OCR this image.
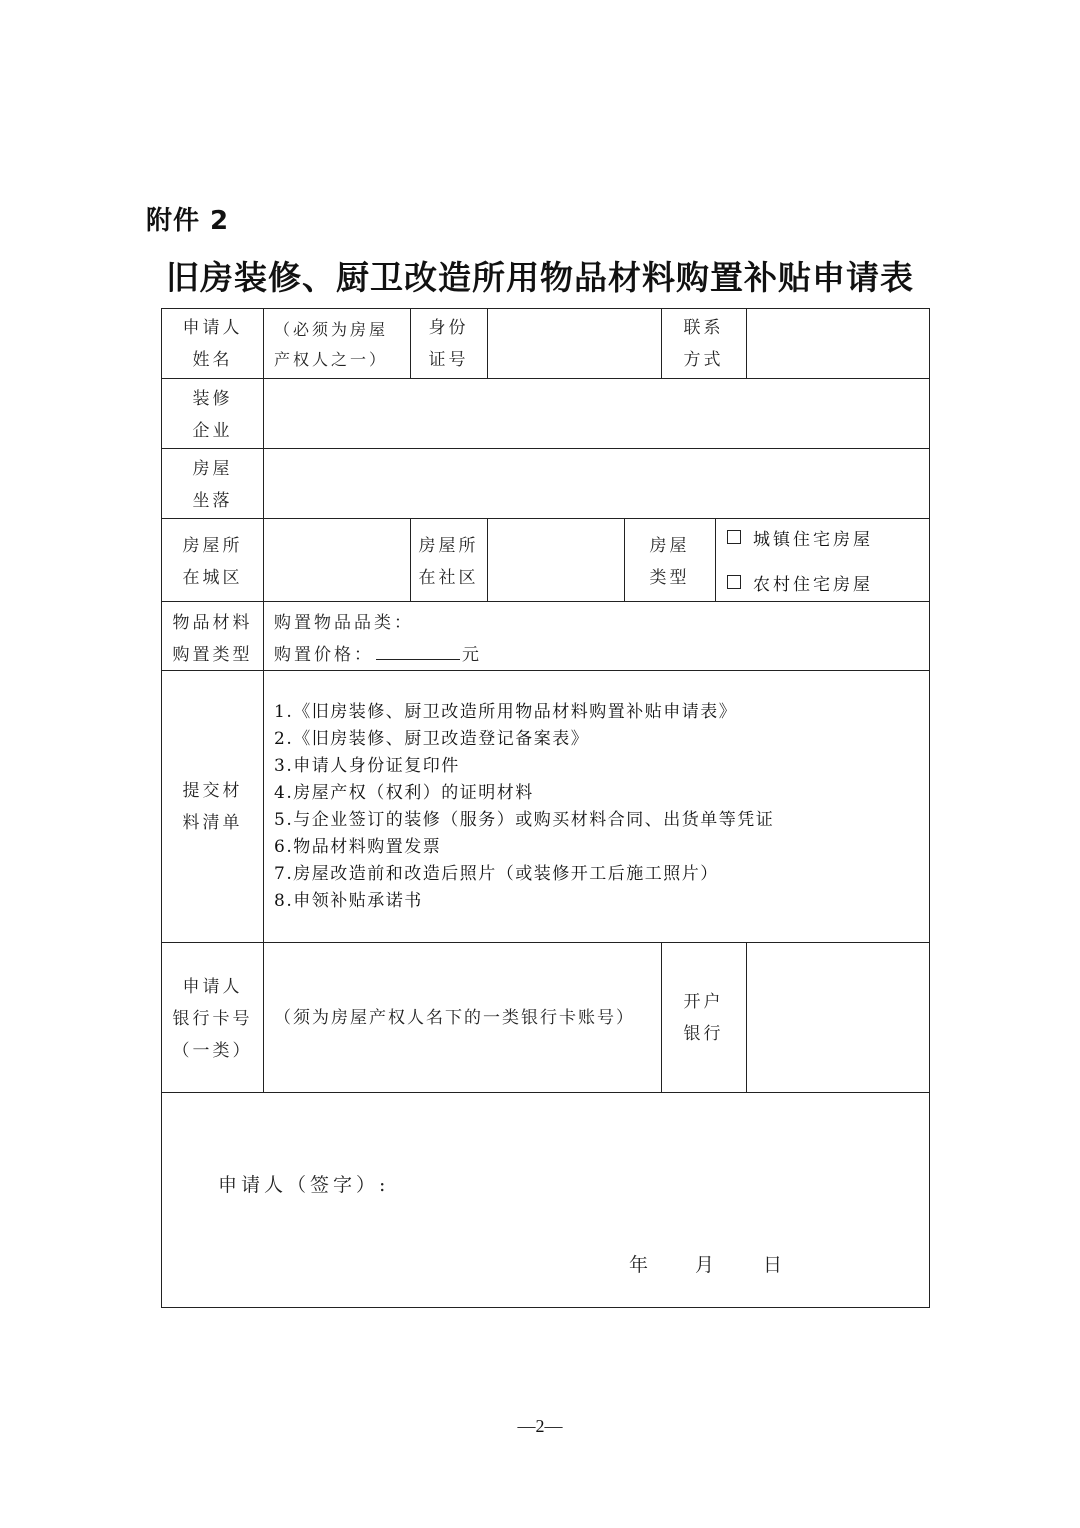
附件 2
旧房装修、厨卫改造所用物品材料购置补贴申请表
申请人
姓名
（必须为房屋
产权人之一）
身份
证号
联系
方式
装修
企业
房屋
坐落
房屋所
在城区
房屋所
在社区
房屋
类型
城镇住宅房屋
农村住宅房屋
物品材料
购置类型
购置物品品类：
购置价格：	元
提交材
料清单
1.《旧房装修、厨卫改造所用物品材料购置补贴申请表》
2.《旧房装修、厨卫改造登记备案表》
3.申请人身份证复印件
4.房屋产权（权利）的证明材料
5.与企业签订的装修（服务）或购买材料合同、出货单等凭证
6.物品材料购置发票
7.房屋改造前和改造后照片（或装修开工后施工照片）
8.申领补贴承诺书
申请人
银行卡号
（一类）
（须为房屋产权人名下的一类银行卡账号）
开户
银行
申请人（签字）:
年 月 日
—2—
